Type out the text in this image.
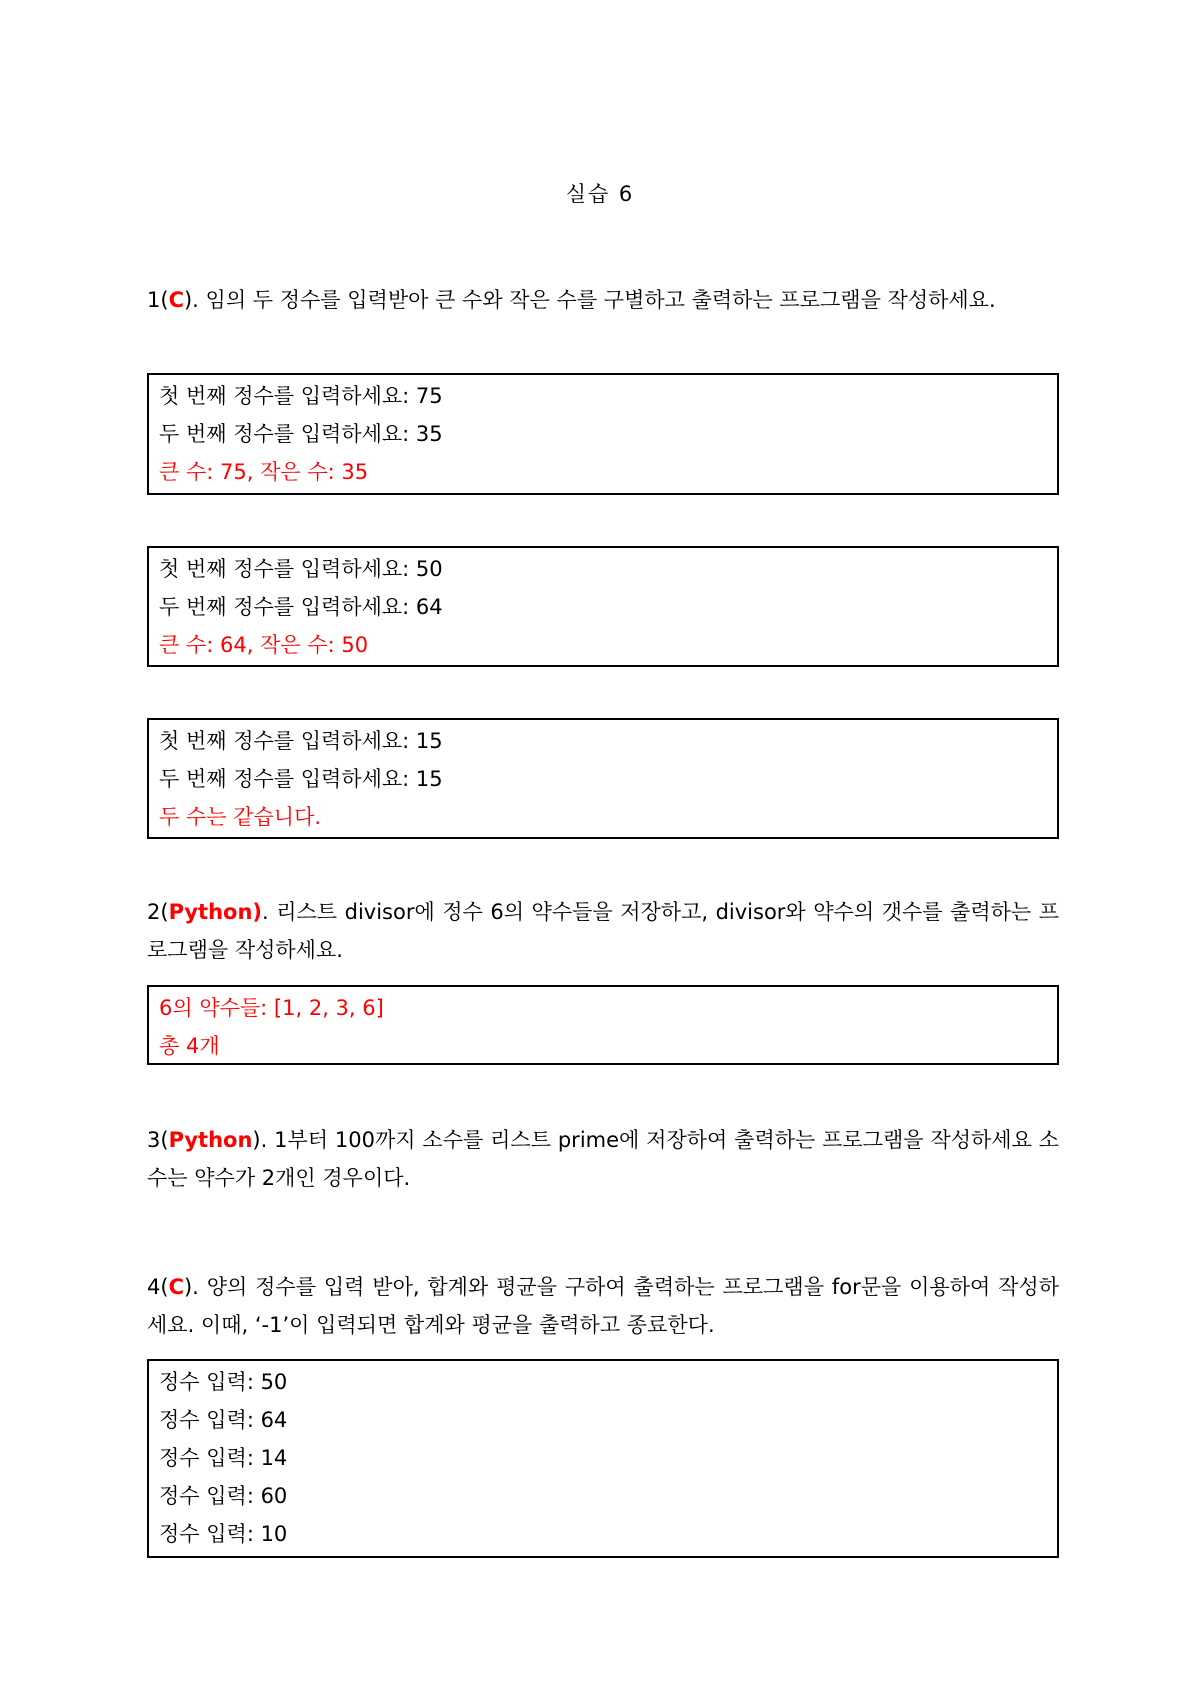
실습 6
1(C). 임의 두 정수를 입력받아 큰 수와 작은 수를 구별하고 출력하는 프로그램을 작성하세요.
첫 번째 정수를 입력하세요: 75
두 번째 정수를 입력하세요: 35
큰 수: 75, 작은 수: 35
첫 번째 정수를 입력하세요: 50
두 번째 정수를 입력하세요: 64
큰 수: 64, 작은 수: 50
첫 번째 정수를 입력하세요: 15
두 번째 정수를 입력하세요: 15
두 수는 같습니다.
2(Python). 리스트 divisor에 정수 6의 약수들을 저장하고, divisor와 약수의 갯수를 출력하는 프로그램을 작성하세요.
6의 약수들: [1, 2, 3, 6]
총 4개
3(Python). 1부터 100까지 소수를 리스트 prime에 저장하여 출력하는 프로그램을 작성하세요 소수는 약수가 2개인 경우이다.
4(C). 양의 정수를 입력 받아, 합계와 평균을 구하여 출력하는 프로그램을 for문을 이용하여 작성하세요. 이때, ‘-1’이 입력되면 합계와 평균을 출력하고 종료한다.
정수 입력: 50
정수 입력: 64
정수 입력: 14
정수 입력: 60
정수 입력: 10
